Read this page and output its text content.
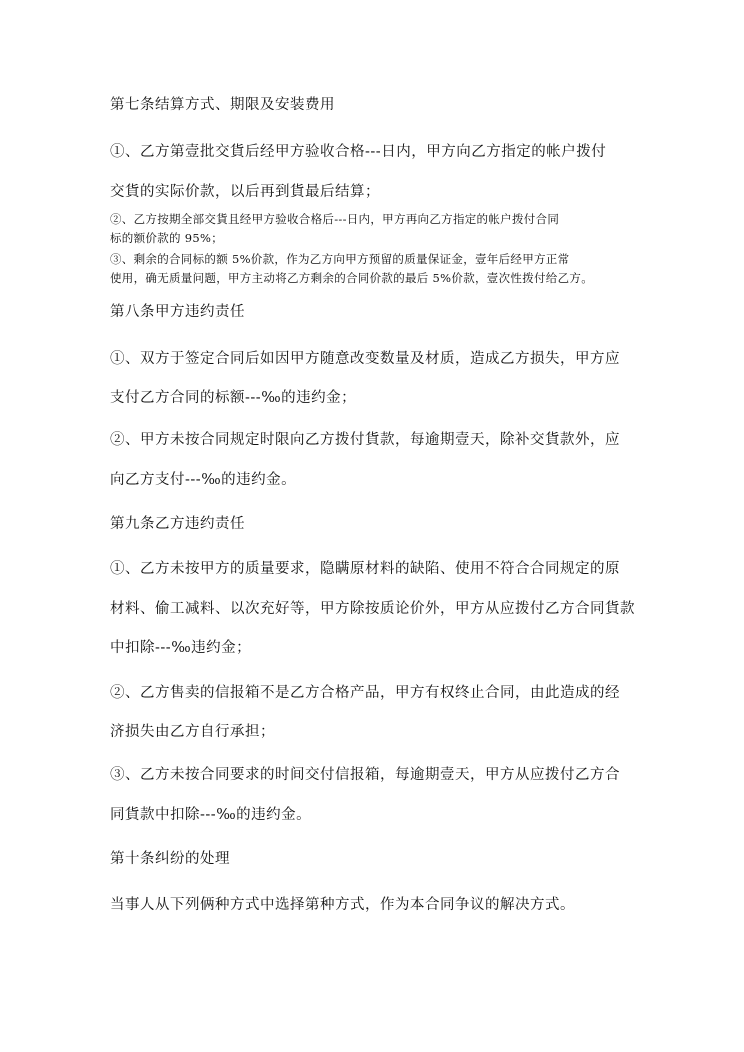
第七条结算方式、期限及安装费用
①、乙方第壹批交貨后经甲方验收合格---日内，甲方向乙方指定的帐户拨付
交貨的实际价款，以后再到貨最后结算；
②、乙方按期全部交貨且经甲方验收合格后---日内，甲方再向乙方指定的帐户拨付合同
标的额价款的 95%；
③、剩余的合同标的额 5%价款，作为乙方向甲方预留的质量保证金，壹年后经甲方正常
使用，确无质量问题，甲方主动将乙方剩余的合同价款的最后 5%价款，壹次性拨付给乙方。
第八条甲方违约责任
①、双方于签定合同后如因甲方随意改变数量及材质，造成乙方损失，甲方应
支付乙方合同的标额---‰的违约金；
②、甲方未按合同规定时限向乙方拨付貨款，每逾期壹天，除补交貨款外，应
向乙方支付---‰的违约金。
第九条乙方违约责任
①、乙方未按甲方的质量要求，隐瞒原材料的缺陷、使用不符合合同规定的原
材料、偷工减料、以次充好等，甲方除按质论价外，甲方从应拨付乙方合同貨款
中扣除---‰违约金；
②、乙方售卖的信报箱不是乙方合格产品，甲方有权终止合同，由此造成的经
济损失由乙方自行承担；
③、乙方未按合同要求的时间交付信报箱，每逾期壹天，甲方从应拨付乙方合
同貨款中扣除---‰的违约金。
第十条纠纷的处理
当事人从下列俩种方式中选择第种方式，作为本合同争议的解决方式。
